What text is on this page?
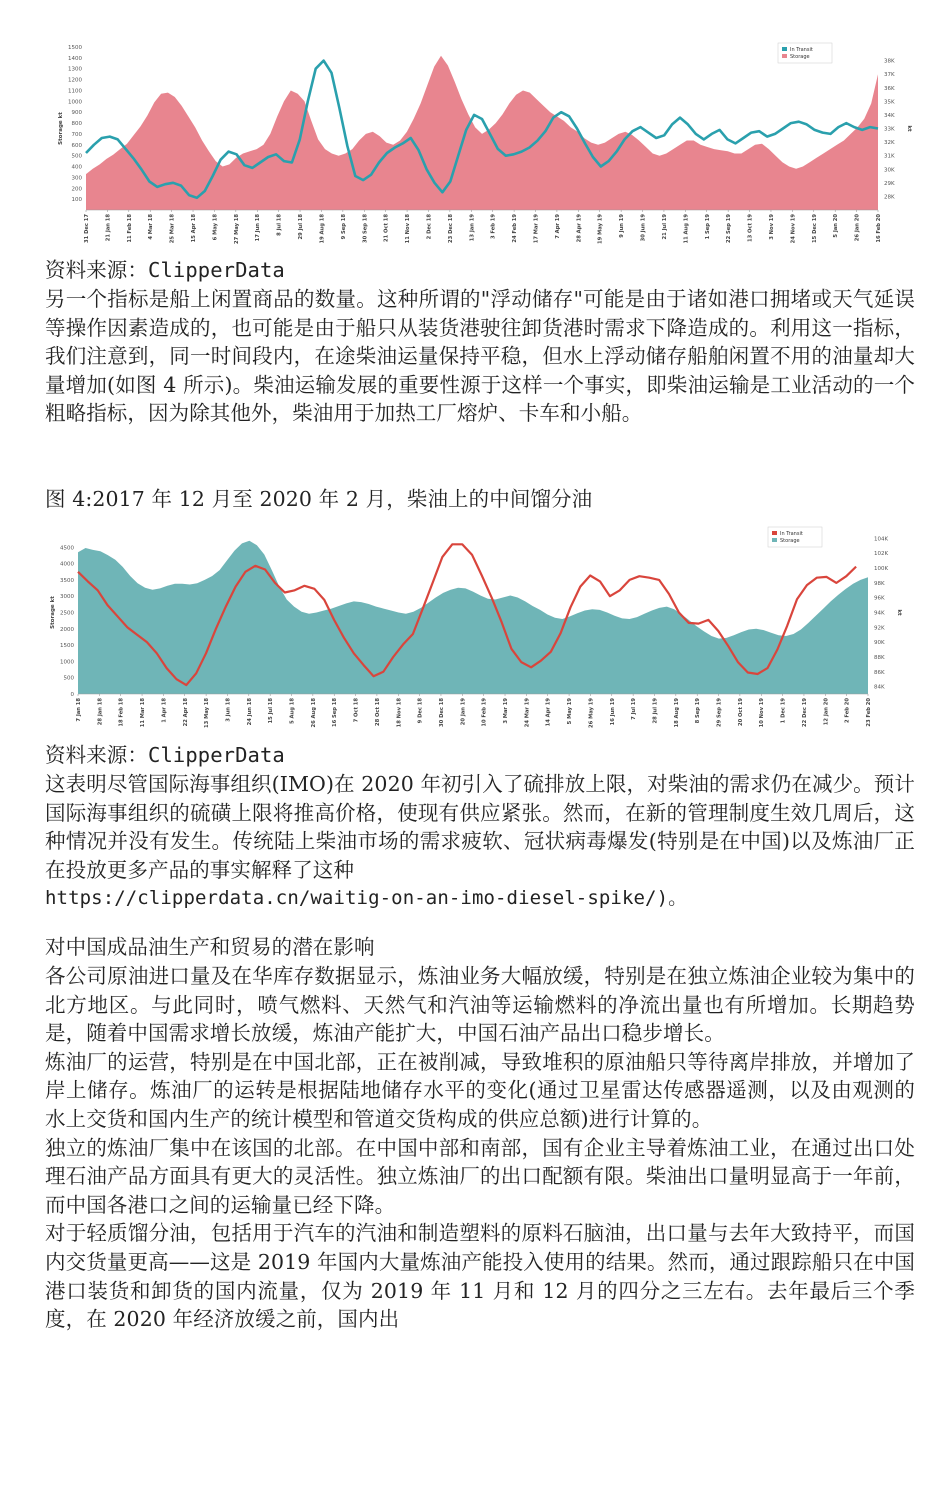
100
200
300
400
500
600
700
800
900
1000
1100
1200
1300
1400
1500
28K
29K
30K
31K
32K
33K
34K
35K
36K
37K
38K
Storage kt	kt
31 Dec 17	21 Jan 18	11 Feb 18	4 Mar 18	25 Mar 18	15 Apr 18	6 May 18	27 May 18	17 Jun 18	8 Jul 18	29 Jul 18	19 Aug 18	9 Sep 18	30 Sep 18	21 Oct 18	11 Nov 18	2 Dec 18	23 Dec 18	13 Jan 19	3 Feb 19	24 Feb 19	17 Mar 19	7 Apr 19	28 Apr 19	19 May 19	9 Jun 19	30 Jun 19	21 Jul 19	11 Aug 19	1 Sep 19	22 Sep 19	13 Oct 19	3 Nov 19	24 Nov 19	15 Dec 19	5 Jan 20	26 Jan 20	16 Feb 20
In Transit
Storage
资料来源：ClipperData

另一个指标是船上闲置商品的数量。这种所谓的"浮动储存"可能是由于诸如港口拥堵或天气延误等操作因素造成的，也可能是由于船只从装货港驶往卸货港时需求下降造成的。利用这一指标，我们注意到，同一时间段内，在途柴油运量保持平稳，但水上浮动储存船舶闲置不用的油量却大量增加(如图 4 所示)。柴油运输发展的重要性源于这样一个事实，即柴油运输是工业活动的一个粗略指标，因为除其他外，柴油用于加热工厂熔炉、卡车和小船。

图 4:2017 年 12 月至 2020 年 2 月，柴油上的中间馏分油
0
500
1000
1500
2000
2500
3000
3500
4000
4500
84K
86K
88K
90K
92K
94K
96K
98K
100K
102K
104K
Storage kt	kt
7 Jan 18	28 Jan 18	18 Feb 18	11 Mar 18	1 Apr 18	22 Apr 18	13 May 18	3 Jun 18	24 Jun 18	15 Jul 18	5 Aug 18	26 Aug 18	16 Sep 18	7 Oct 18	28 Oct 18	18 Nov 18	9 Dec 18	30 Dec 18	20 Jan 19	10 Feb 19	3 Mar 19	24 Mar 19	14 Apr 19	5 May 19	26 May 19	16 Jun 19	7 Jul 19	28 Jul 19	18 Aug 19	8 Sep 19	29 Sep 19	20 Oct 19	10 Nov 19	1 Dec 19	22 Dec 19	12 Jan 20	2 Feb 20	23 Feb 20
In Transit
Storage
资料来源：ClipperData

这表明尽管国际海事组织(IMO)在 2020 年初引入了硫排放上限，对柴油的需求仍在减少。预计国际海事组织的硫磺上限将推高价格，使现有供应紧张。然而，在新的管理制度生效几周后，这种情况并没有发生。传统陆上柴油市场的需求疲软、冠状病毒爆发(特别是在中国)以及炼油厂正在投放更多产品的事实解释了这种

https://clipperdata.cn/waitig-on-an-imo-diesel-spike/)。

对中国成品油生产和贸易的潜在影响

各公司原油进口量及在华库存数据显示，炼油业务大幅放缓，特别是在独立炼油企业较为集中的北方地区。与此同时，喷气燃料、天然气和汽油等运输燃料的净流出量也有所增加。长期趋势是，随着中国需求增长放缓，炼油产能扩大，中国石油产品出口稳步增长。

炼油厂的运营，特别是在中国北部，正在被削减，导致堆积的原油船只等待离岸排放，并增加了岸上储存。炼油厂的运转是根据陆地储存水平的变化(通过卫星雷达传感器遥测，以及由观测的水上交货和国内生产的统计模型和管道交货构成的供应总额)进行计算的。

独立的炼油厂集中在该国的北部。在中国中部和南部，国有企业主导着炼油工业，在通过出口处理石油产品方面具有更大的灵活性。独立炼油厂的出口配额有限。柴油出口量明显高于一年前，而中国各港口之间的运输量已经下降。

对于轻质馏分油，包括用于汽车的汽油和制造塑料的原料石脑油，出口量与去年大致持平，而国内交货量更高——这是 2019 年国内大量炼油产能投入使用的结果。然而，通过跟踪船只在中国港口装货和卸货的国内流量，仅为 2019 年 11 月和 12 月的四分之三左右。去年最后三个季度，在 2020 年经济放缓之前，国内出
